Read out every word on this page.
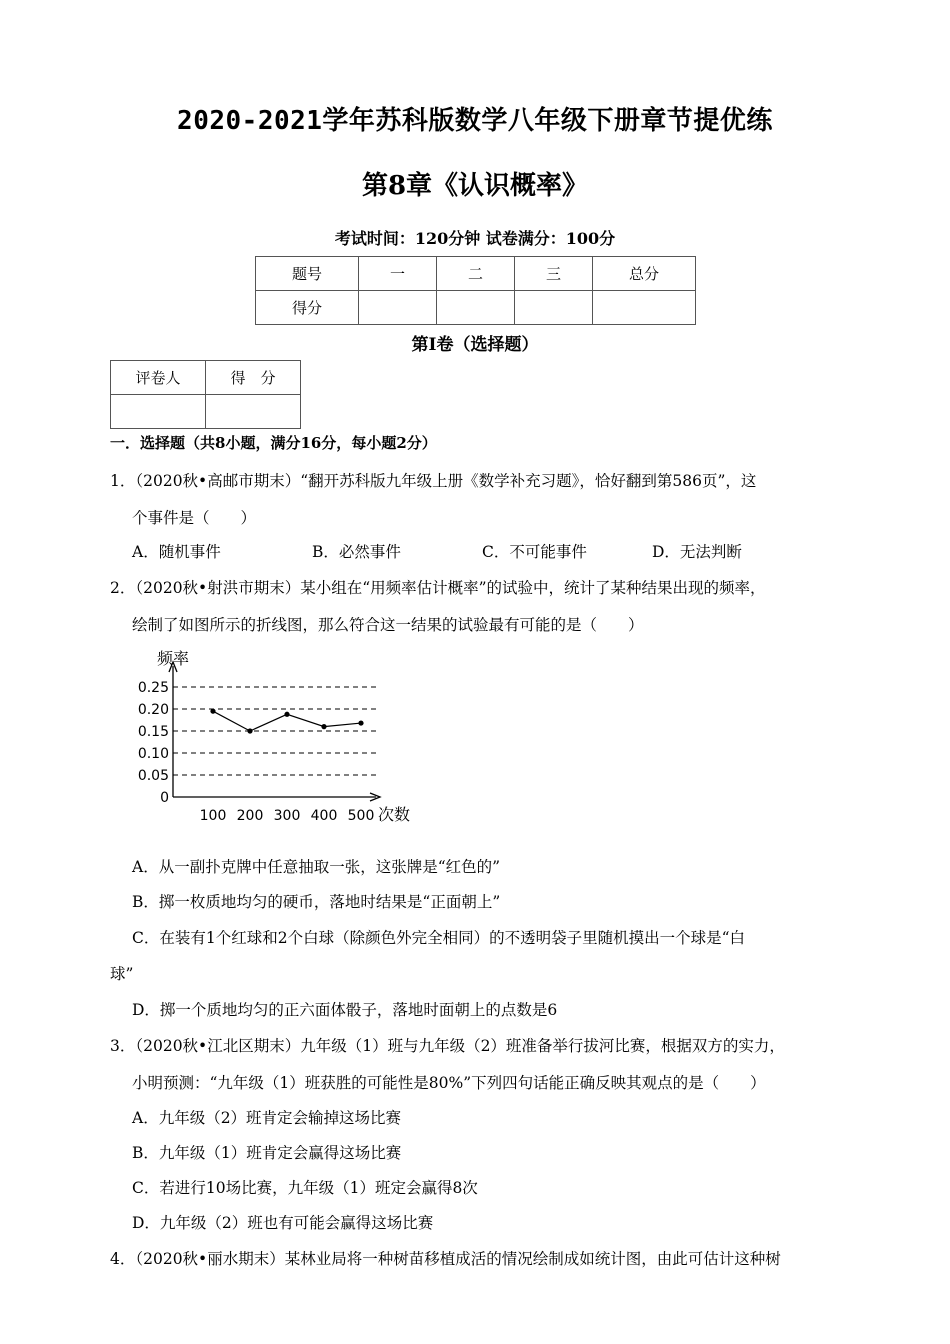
2020-2021学年苏科版数学八年级下册章节提优练
第8章《认识概率》
考试时间：120分钟 试卷满分：100分
题号	一	二	三	总分
得分				
第Ⅰ卷（选择题）
评卷人	得　分

一．选择题（共8小题，满分16分，每小题2分）
1．（2020秋•高邮市期末）“翻开苏科版九年级上册《数学补充习题》，恰好翻到第586页”，这
个事件是（　　）
A．随机事件	B．必然事件	C．不可能事件	D．无法判断
2．（2020秋•射洪市期末）某小组在“用频率估计概率”的试验中，统计了某种结果出现的频率，
绘制了如图所示的折线图，那么符合这一结果的试验最有可能的是（　　）
0
0.05
0.10
0.15
0.20
0.25
100 200 300 400 500
频率
次数
A．从一副扑克牌中任意抽取一张，这张牌是“红色的”
B．掷一枚质地均匀的硬币，落地时结果是“正面朝上”
C．在装有1个红球和2个白球（除颜色外完全相同）的不透明袋子里随机摸出一个球是“白
球”
D．掷一个质地均匀的正六面体骰子，落地时面朝上的点数是6
3．（2020秋•江北区期末）九年级（1）班与九年级（2）班准备举行拔河比赛，根据双方的实力，
小明预测：“九年级（1）班获胜的可能性是80%”下列四句话能正确反映其观点的是（　　）
A．九年级（2）班肯定会输掉这场比赛
B．九年级（1）班肯定会赢得这场比赛
C．若进行10场比赛，九年级（1）班定会赢得8次
D．九年级（2）班也有可能会赢得这场比赛
4．（2020秋•丽水期末）某林业局将一种树苗移植成活的情况绘制成如统计图，由此可估计这种树
